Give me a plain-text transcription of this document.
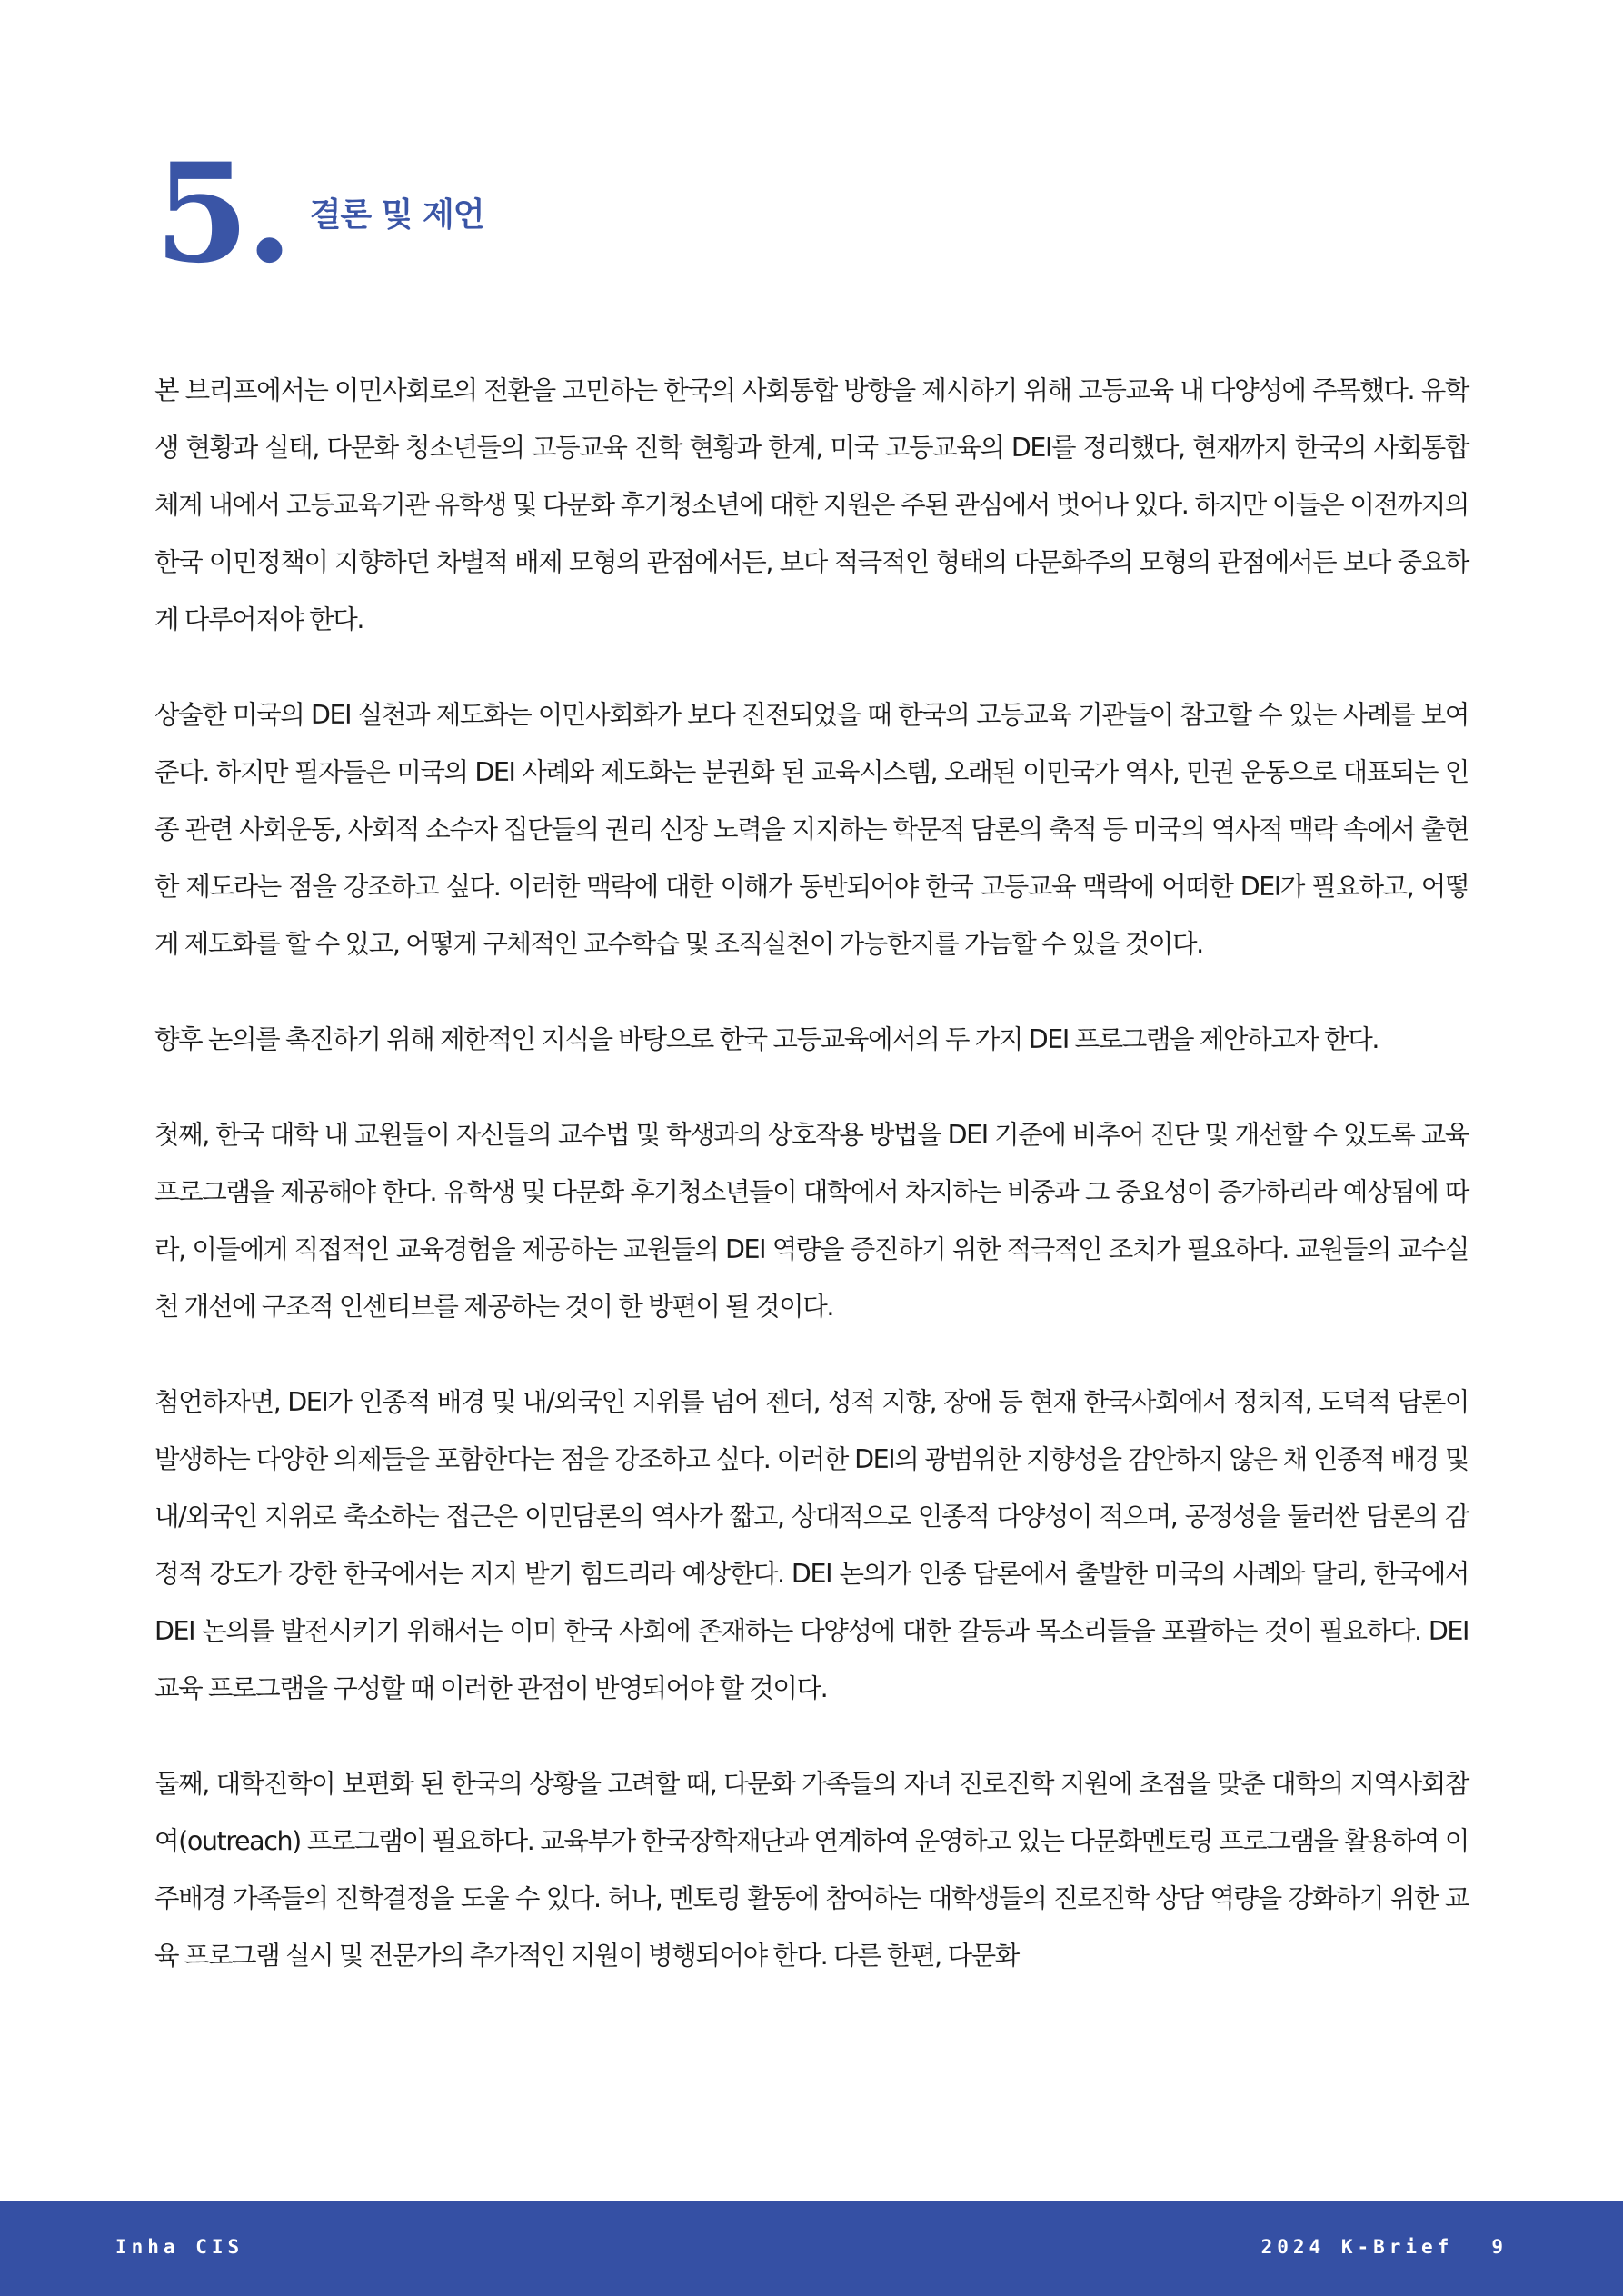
5. 결론 및 제언

본 브리프에서는 이민사회로의 전환을 고민하는 한국의 사회통합 방향을 제시하기 위해 고등교육 내 다양성에 주목했다. 유학생 현황과 실태, 다문화 청소년들의 고등교육 진학 현황과 한계, 미국 고등교육의 DEI를 정리했다, 현재까지 한국의 사회통합 체계 내에서 고등교육기관 유학생 및 다문화 후기청소년에 대한 지원은 주된 관심에서 벗어나 있다. 하지만 이들은 이전까지의 한국 이민정책이 지향하던 차별적 배제 모형의 관점에서든, 보다 적극적인 형태의 다문화주의 모형의 관점에서든 보다 중요하게 다루어져야 한다.

상술한 미국의 DEI 실천과 제도화는 이민사회화가 보다 진전되었을 때 한국의 고등교육 기관들이 참고할 수 있는 사례를 보여준다. 하지만 필자들은 미국의 DEI 사례와 제도화는 분권화 된 교육시스템, 오래된 이민국가 역사, 민권 운동으로 대표되는 인종 관련 사회운동, 사회적 소수자 집단들의 권리 신장 노력을 지지하는 학문적 담론의 축적 등 미국의 역사적 맥락 속에서 출현한 제도라는 점을 강조하고 싶다. 이러한 맥락에 대한 이해가 동반되어야 한국 고등교육 맥락에 어떠한 DEI가 필요하고, 어떻게 제도화를 할 수 있고, 어떻게 구체적인 교수학습 및 조직실천이 가능한지를 가늠할 수 있을 것이다.

향후 논의를 촉진하기 위해 제한적인 지식을 바탕으로 한국 고등교육에서의 두 가지 DEI 프로그램을 제안하고자 한다.

첫째, 한국 대학 내 교원들이 자신들의 교수법 및 학생과의 상호작용 방법을 DEI 기준에 비추어 진단 및 개선할 수 있도록 교육 프로그램을 제공해야 한다. 유학생 및 다문화 후기청소년들이 대학에서 차지하는 비중과 그 중요성이 증가하리라 예상됨에 따라, 이들에게 직접적인 교육경험을 제공하는 교원들의 DEI 역량을 증진하기 위한 적극적인 조치가 필요하다. 교원들의 교수실천 개선에 구조적 인센티브를 제공하는 것이 한 방편이 될 것이다.

첨언하자면, DEI가 인종적 배경 및 내/외국인 지위를 넘어 젠더, 성적 지향, 장애 등 현재 한국사회에서 정치적, 도덕적 담론이 발생하는 다양한 의제들을 포함한다는 점을 강조하고 싶다. 이러한 DEI의 광범위한 지향성을 감안하지 않은 채 인종적 배경 및 내/외국인 지위로 축소하는 접근은 이민담론의 역사가 짧고, 상대적으로 인종적 다양성이 적으며, 공정성을 둘러싼 담론의 감정적 강도가 강한 한국에서는 지지 받기 힘드리라 예상한다. DEI 논의가 인종 담론에서 출발한 미국의 사례와 달리, 한국에서 DEI 논의를 발전시키기 위해서는 이미 한국 사회에 존재하는 다양성에 대한 갈등과 목소리들을 포괄하는 것이 필요하다. DEI 교육 프로그램을 구성할 때 이러한 관점이 반영되어야 할 것이다.

둘째, 대학진학이 보편화 된 한국의 상황을 고려할 때, 다문화 가족들의 자녀 진로진학 지원에 초점을 맞춘 대학의 지역사회참여(outreach) 프로그램이 필요하다. 교육부가 한국장학재단과 연계하여 운영하고 있는 다문화멘토링 프로그램을 활용하여 이주배경 가족들의 진학결정을 도울 수 있다. 허나, 멘토링 활동에 참여하는 대학생들의 진로진학 상담 역량을 강화하기 위한 교육 프로그램 실시 및 전문가의 추가적인 지원이 병행되어야 한다. 다른 한편, 다문화

Inha CIS	2024 K-Brief 9
